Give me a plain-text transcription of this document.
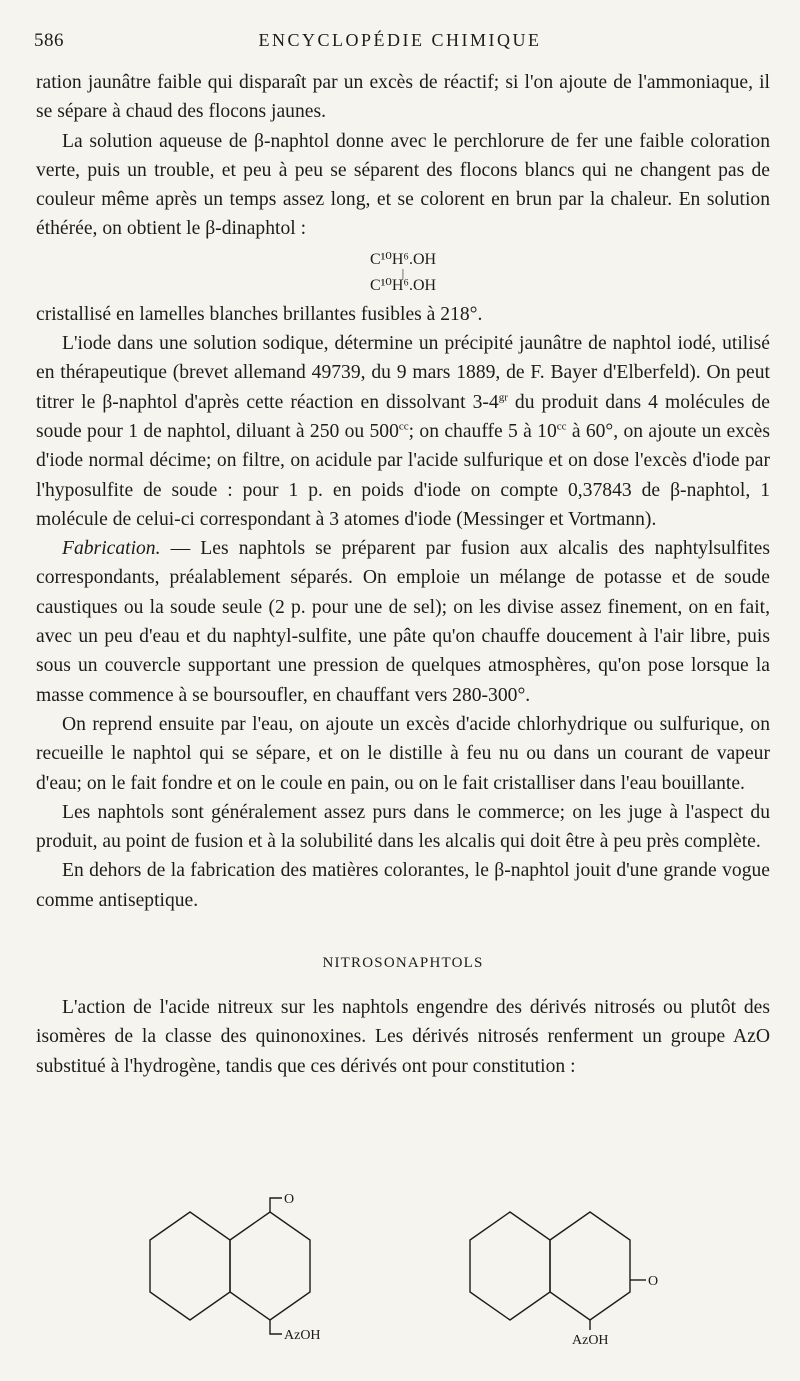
586	ENCYCLOPÉDIE CHIMIQUE

ration jaunâtre faible qui disparaît par un excès de réactif; si l'on ajoute de l'ammoniaque, il se sépare à chaud des flocons jaunes.

La solution aqueuse de β-naphtol donne avec le perchlorure de fer une faible coloration verte, puis un trouble, et peu à peu se séparent des flocons blancs qui ne changent pas de couleur même après un temps assez long, et se colorent en brun par la chaleur. En solution éthérée, on obtient le β-dinaphtol :

C¹⁰H⁶.OH
|
C¹⁰H⁶.OH

cristallisé en lamelles blanches brillantes fusibles à 218°.

L'iode dans une solution sodique, détermine un précipité jaunâtre de naphtol iodé, utilisé en thérapeutique (brevet allemand 49739, du 9 mars 1889, de F. Bayer d'Elberfeld). On peut titrer le β-naphtol d'après cette réaction en dissolvant $3-4^{gr}$ du produit dans 4 molécules de soude pour 1 de naphtol, diluant à 250 ou $500^{cc}$; on chauffe 5 à $10^{cc}$ à 60°, on ajoute un excès d'iode normal décime; on filtre, on acidule par l'acide sulfurique et on dose l'excès d'iode par l'hyposulfite de soude : pour 1 p. en poids d'iode on compte 0,37843 de β-naphtol, 1 molécule de celui-ci correspondant à 3 atomes d'iode (Messinger et Vortmann).

Fabrication. — Les naphtols se préparent par fusion aux alcalis des naphtylsulfites correspondants, préalablement séparés. On emploie un mélange de potasse et de soude caustiques ou la soude seule (2 p. pour une de sel); on les divise assez finement, on en fait, avec un peu d'eau et du naphtyl-sulfite, une pâte qu'on chauffe doucement à l'air libre, puis sous un couvercle supportant une pression de quelques atmosphères, qu'on pose lorsque la masse commence à se boursoufler, en chauffant vers 280-300°.

On reprend ensuite par l'eau, on ajoute un excès d'acide chlorhydrique ou sulfurique, on recueille le naphtol qui se sépare, et on le distille à feu nu ou dans un courant de vapeur d'eau; on le fait fondre et on le coule en pain, ou on le fait cristalliser dans l'eau bouillante.

Les naphtols sont généralement assez purs dans le commerce; on les juge à l'aspect du produit, au point de fusion et à la solubilité dans les alcalis qui doit être à peu près complète.

En dehors de la fabrication des matières colorantes, le β-naphtol jouit d'une grande vogue comme antiseptique.

NITROSONAPHTOLS

L'action de l'acide nitreux sur les naphtols engendre des dérivés nitrosés ou plutôt des isomères de la classe des quinonoxines. Les dérivés nitrosés renferment un groupe AzO substitué à l'hydrogène, tandis que ces dérivés ont pour constitution :

O
AzOH
O
AzOH
